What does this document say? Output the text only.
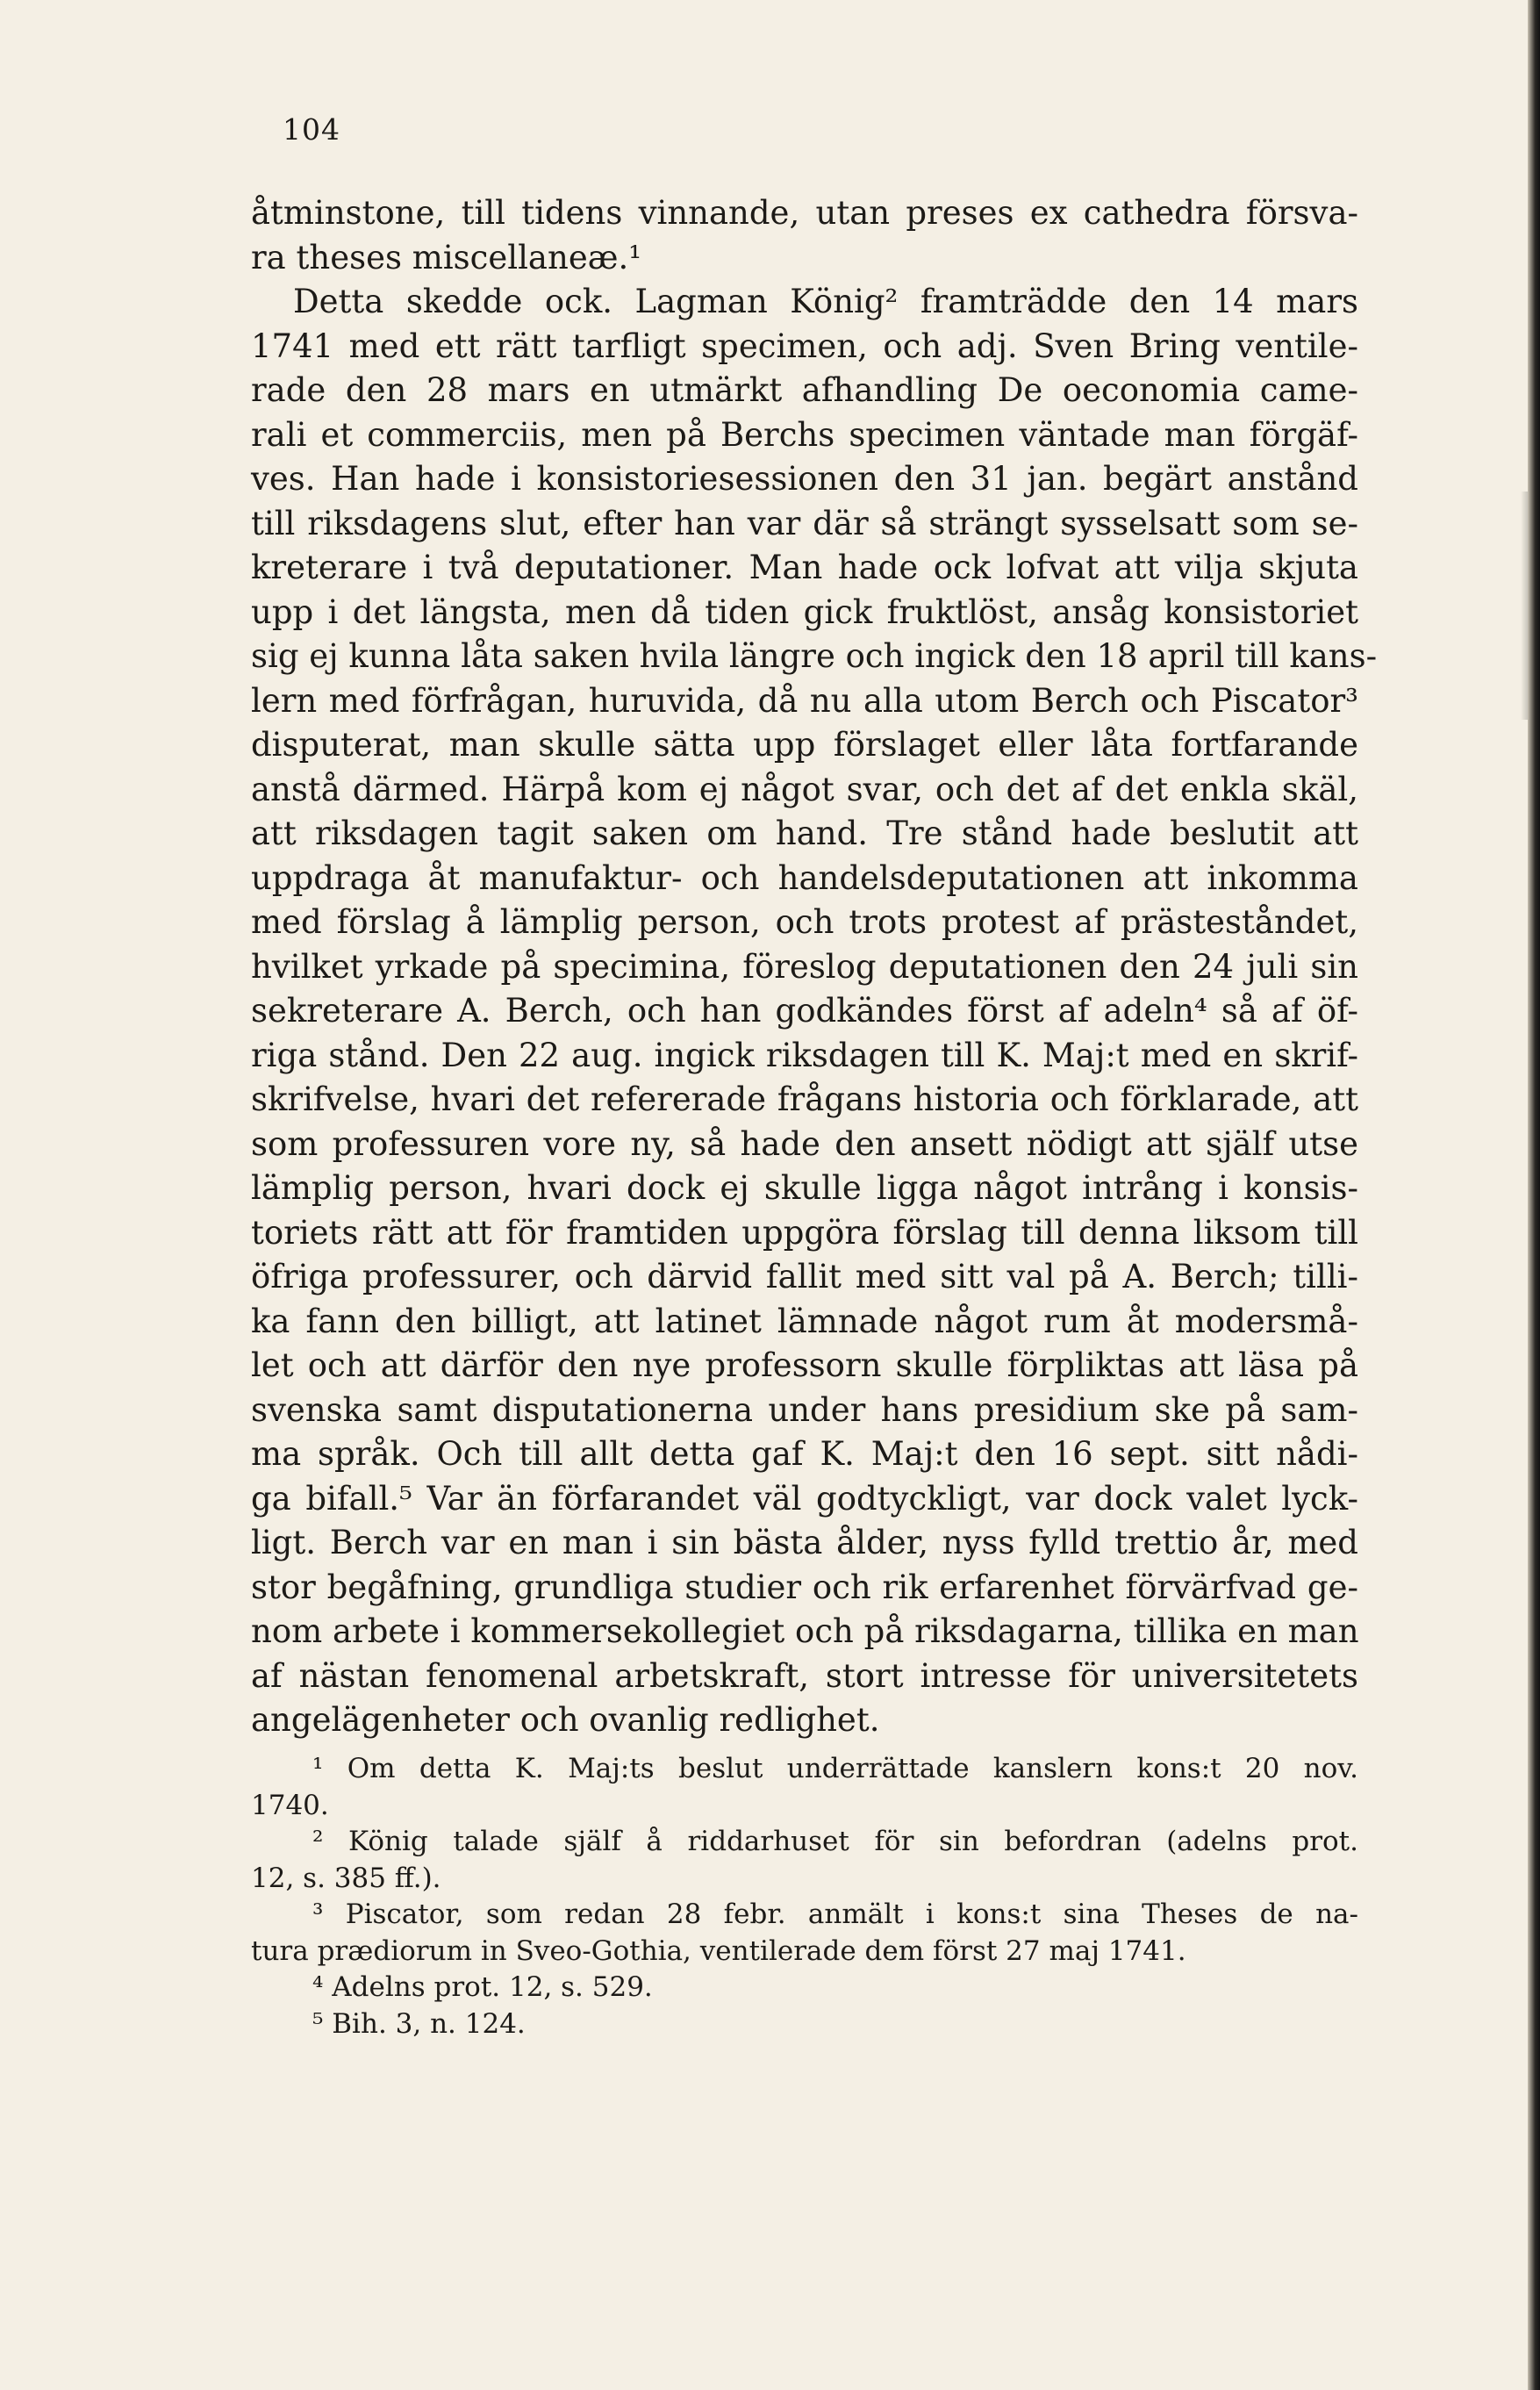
104
åtminstone, till tidens vinnande, utan preses ex cathedra försva-
ra theses miscellaneæ.¹
Detta skedde ock. Lagman König² framträdde den 14 mars
1741 med ett rätt tarfligt specimen, och adj. Sven Bring ventile-
rade den 28 mars en utmärkt afhandling De oeconomia came-
rali et commerciis, men på Berchs specimen väntade man förgäf-
ves. Han hade i konsistoriesessionen den 31 jan. begärt anstånd
till riksdagens slut, efter han var där så strängt sysselsatt som se-
kreterare i två deputationer. Man hade ock lofvat att vilja skjuta
upp i det längsta, men då tiden gick fruktlöst, ansåg konsistoriet
sig ej kunna låta saken hvila längre och ingick den 18 april till kans-
lern med förfrågan, huruvida, då nu alla utom Berch och Piscator³
disputerat, man skulle sätta upp förslaget eller låta fortfarande
anstå därmed. Härpå kom ej något svar, och det af det enkla skäl,
att riksdagen tagit saken om hand. Tre stånd hade beslutit att
uppdraga åt manufaktur- och handelsdeputationen att inkomma
med förslag å lämplig person, och trots protest af prästeståndet,
hvilket yrkade på specimina, föreslog deputationen den 24 juli sin
sekreterare A. Berch, och han godkändes först af adeln⁴ så af öf-
riga stånd. Den 22 aug. ingick riksdagen till K. Maj:t med en skrif-
skrifvelse, hvari det refererade frågans historia och förklarade, att
som professuren vore ny, så hade den ansett nödigt att själf utse
lämplig person, hvari dock ej skulle ligga något intrång i konsis-
toriets rätt att för framtiden uppgöra förslag till denna liksom till
öfriga professurer, och därvid fallit med sitt val på A. Berch; tilli-
ka fann den billigt, att latinet lämnade något rum åt modersmå-
let och att därför den nye professorn skulle förpliktas att läsa på
svenska samt disputationerna under hans presidium ske på sam-
ma språk. Och till allt detta gaf K. Maj:t den 16 sept. sitt nådi-
ga bifall.⁵ Var än förfarandet väl godtyckligt, var dock valet lyck-
ligt. Berch var en man i sin bästa ålder, nyss fylld trettio år, med
stor begåfning, grundliga studier och rik erfarenhet förvärfvad ge-
nom arbete i kommersekollegiet och på riksdagarna, tillika en man
af nästan fenomenal arbetskraft, stort intresse för universitetets
angelägenheter och ovanlig redlighet.
¹ Om detta K. Maj:ts beslut underrättade kanslern kons:t 20 nov.
1740.
² König talade själf å riddarhuset för sin befordran (adelns prot.
12, s. 385 ff.).
³ Piscator, som redan 28 febr. anmält i kons:t sina Theses de na-
tura prædiorum in Sveo-Gothia, ventilerade dem först 27 maj 1741.
⁴ Adelns prot. 12, s. 529.
⁵ Bih. 3, n. 124.
